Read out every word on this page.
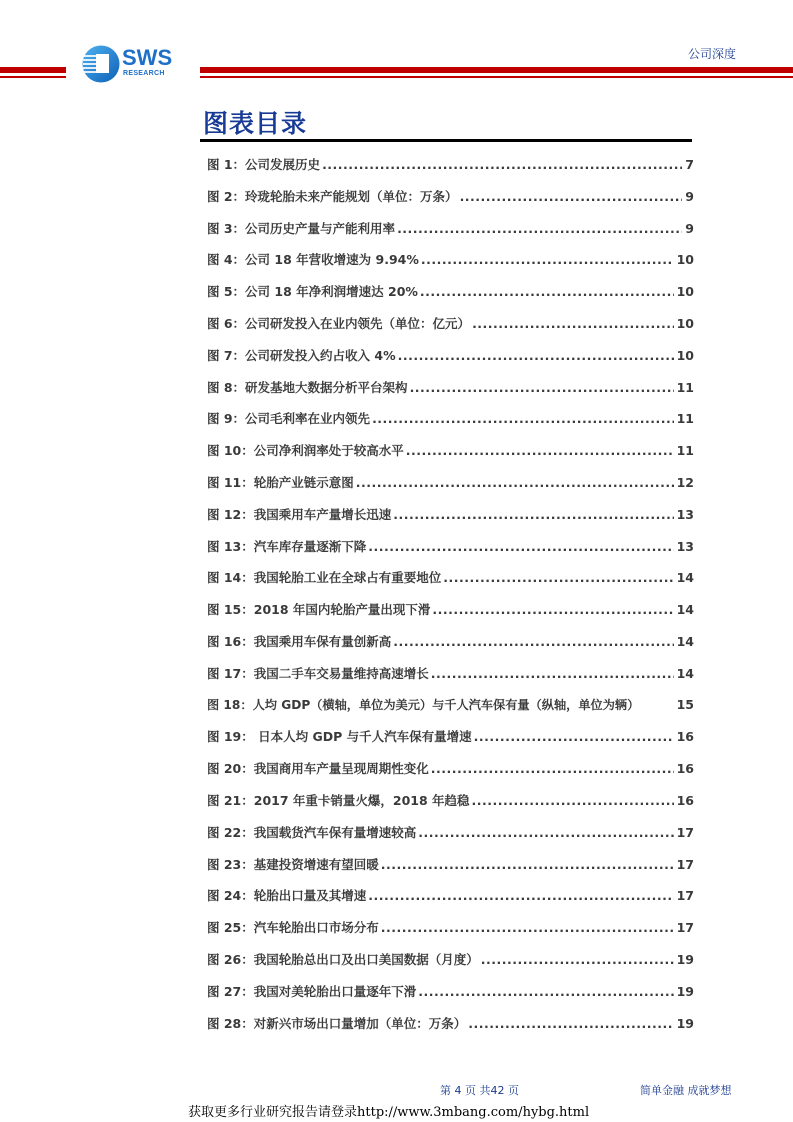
SWS
RESEARCH
公司深度
图表目录
图 1：公司发展历史 .....	7
图 2：玲珑轮胎未来产能规划（单位：万条） .....	9
图 3：公司历史产量与产能利用率 .....	9
图 4：公司 18 年营收增速为 9.94% .....	10
图 5：公司 18 年净利润增速达 20% .....	10
图 6：公司研发投入在业内领先（单位：亿元） .....	10
图 7：公司研发投入约占收入 4% .....	10
图 8：研发基地大数据分析平台架构 .....	11
图 9：公司毛利率在业内领先 .....	11
图 10：公司净利润率处于较高水平 .....	11
图 11：轮胎产业链示意图 .....	12
图 12：我国乘用车产量增长迅速 .....	13
图 13：汽车库存量逐渐下降 .....	13
图 14：我国轮胎工业在全球占有重要地位 .....	14
图 15：2018 年国内轮胎产量出现下滑 .....	14
图 16：我国乘用车保有量创新高 .....	14
图 17：我国二手车交易量维持高速增长 .....	14
图 18：人均 GDP（横轴，单位为美元）与千人汽车保有量（纵轴，单位为辆）	15
图 19： 日本人均 GDP 与千人汽车保有量增速 .....	16
图 20：我国商用车产量呈现周期性变化 .....	16
图 21：2017 年重卡销量火爆，2018 年趋稳 .....	16
图 22：我国载货汽车保有量增速较高 .....	17
图 23：基建投资增速有望回暖 .....	17
图 24：轮胎出口量及其增速 .....	17
图 25：汽车轮胎出口市场分布 .....	17
图 26：我国轮胎总出口及出口美国数据（月度） .....	19
图 27：我国对美轮胎出口量逐年下滑 .....	19
图 28：对新兴市场出口量增加（单位：万条） .....	19
第 4 页 共42 页	简单金融 成就梦想
获取更多行业研究报告请登录http://www.3mbang.com/hybg.html
